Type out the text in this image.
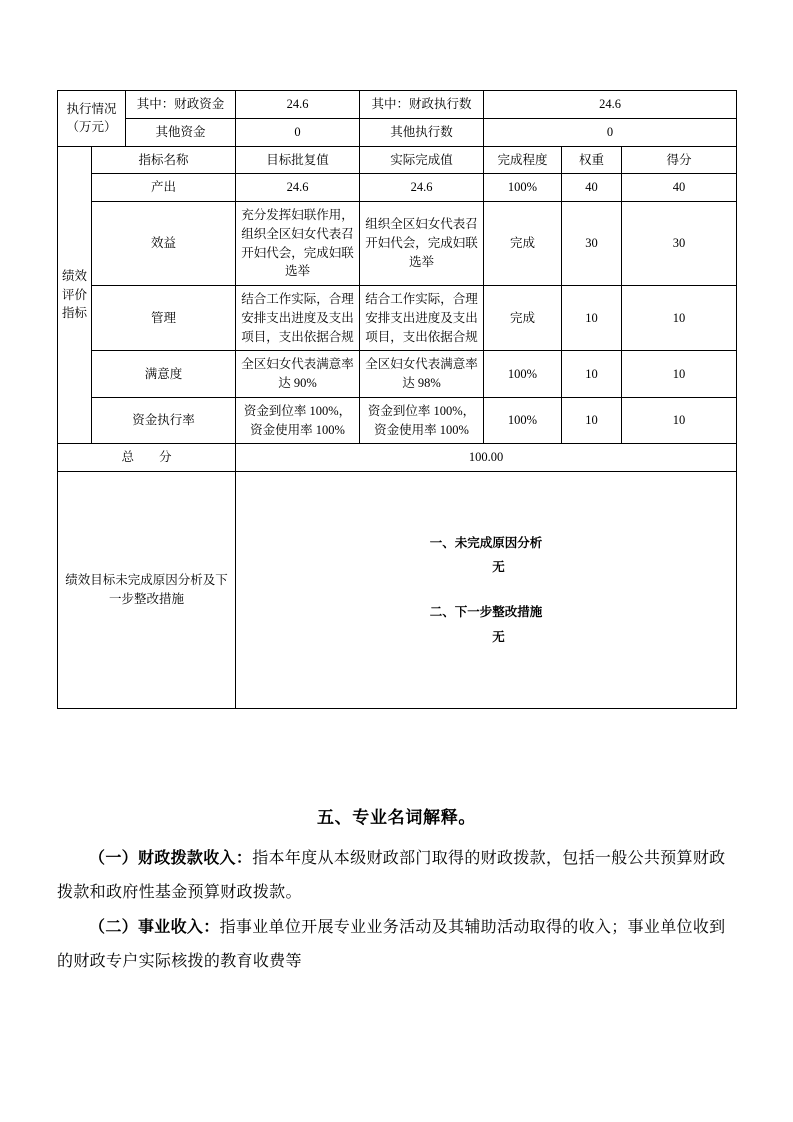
执行情况（万元）		其中：财政资金	24.6	其中：财政执行数	24.6		
		其他资金	0	其他执行数	0		
绩效评价指标	指标名称		目标批复值	实际完成值	完成程度	权重	得分
	产出		24.6	24.6	100%	40	40
	效益		充分发挥妇联作用，组织全区妇女代表召开妇代会，完成妇联选举	组织全区妇女代表召开妇代会，完成妇联选举	完成	30	30
	管理		结合工作实际，合理安排支出进度及支出项目，支出依据合规	结合工作实际，合理安排支出进度及支出项目，支出依据合规	完成	10	10
	满意度		全区妇女代表满意率达 90%	全区妇女代表满意率达 98%	100%	10	10
	资金执行率		资金到位率 100%，资金使用率 100%	资金到位率 100%，资金使用率 100%	100%	10	10
总　　分			100.00				
绩效目标未完成原因分析及下一步整改措施			一、未完成原因分析
无
二、下一步整改措施
无				
五、专业名词解释。

（一）财政拨款收入：指本年度从本级财政部门取得的财政拨款，包括一般公共预算财政拨款和政府性基金预算财政拨款。

（二）事业收入：指事业单位开展专业业务活动及其辅助活动取得的收入；事业单位收到的财政专户实际核拨的教育收费等
